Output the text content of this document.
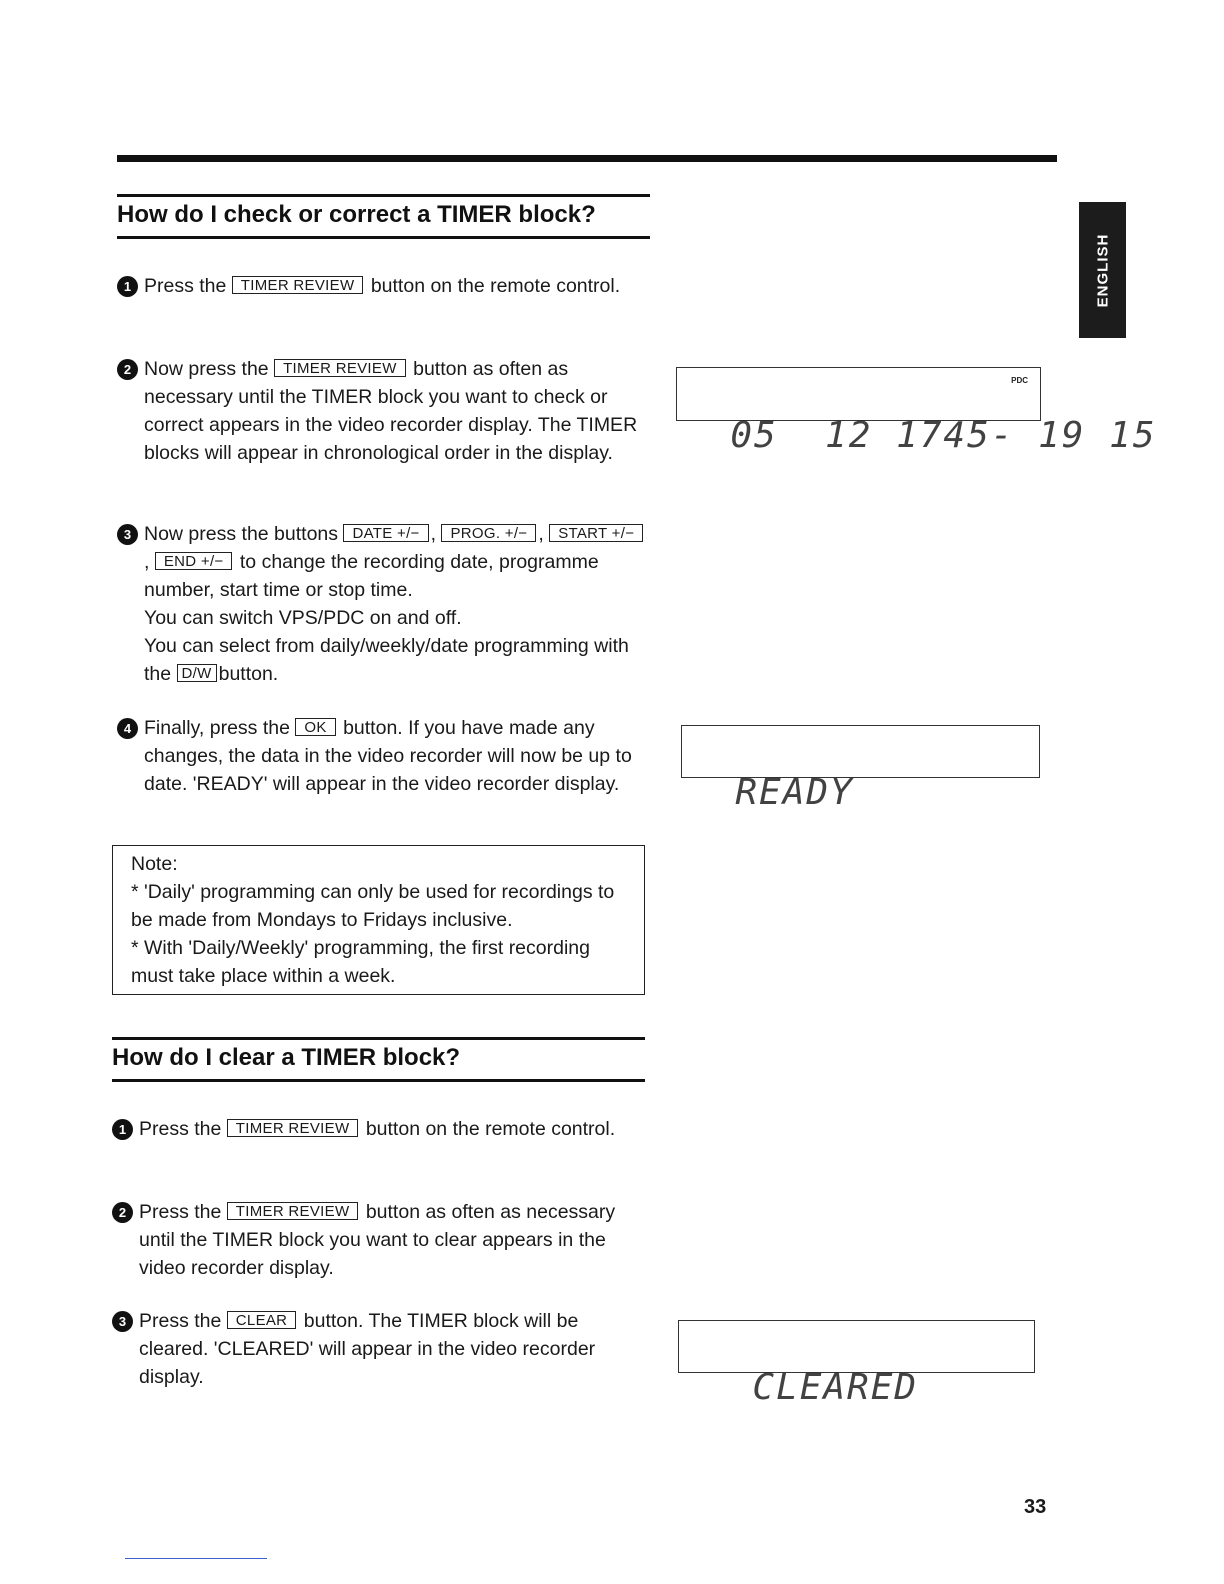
ENGLISH
How do I check or correct a TIMER block?
1 Press the TIMER REVIEW button on the remote control.
2 Now press the TIMER REVIEW button as often as necessary until the TIMER block you want to check or correct appears in the video recorder display. The TIMER blocks will appear in chronological order in the display.
3 Now press the buttons DATE +/− , PROG. +/− , START +/−, END +/− to change the recording date, programme number, start time or stop time.
You can switch VPS/PDC on and off.
You can select from daily/weekly/date programming with the D/W button.
4 Finally, press the OK button. If you have made any changes, the data in the video recorder will now be up to date. 'READY' will appear in the video recorder display.
Note:
* 'Daily' programming can only be used for recordings to be made from Mondays to Fridays inclusive.
* With 'Daily/Weekly' programming, the first recording must take place within a week.
How do I clear a TIMER block?
1 Press the TIMER REVIEW button on the remote control.
2 Press the TIMER REVIEW button as often as necessary until the TIMER block you want to clear appears in the video recorder display.
3 Press the CLEAR button. The TIMER block will be cleared. 'CLEARED' will appear in the video recorder display.

05  12 1745- 19 15

PDC

READY

CLEARED

33
